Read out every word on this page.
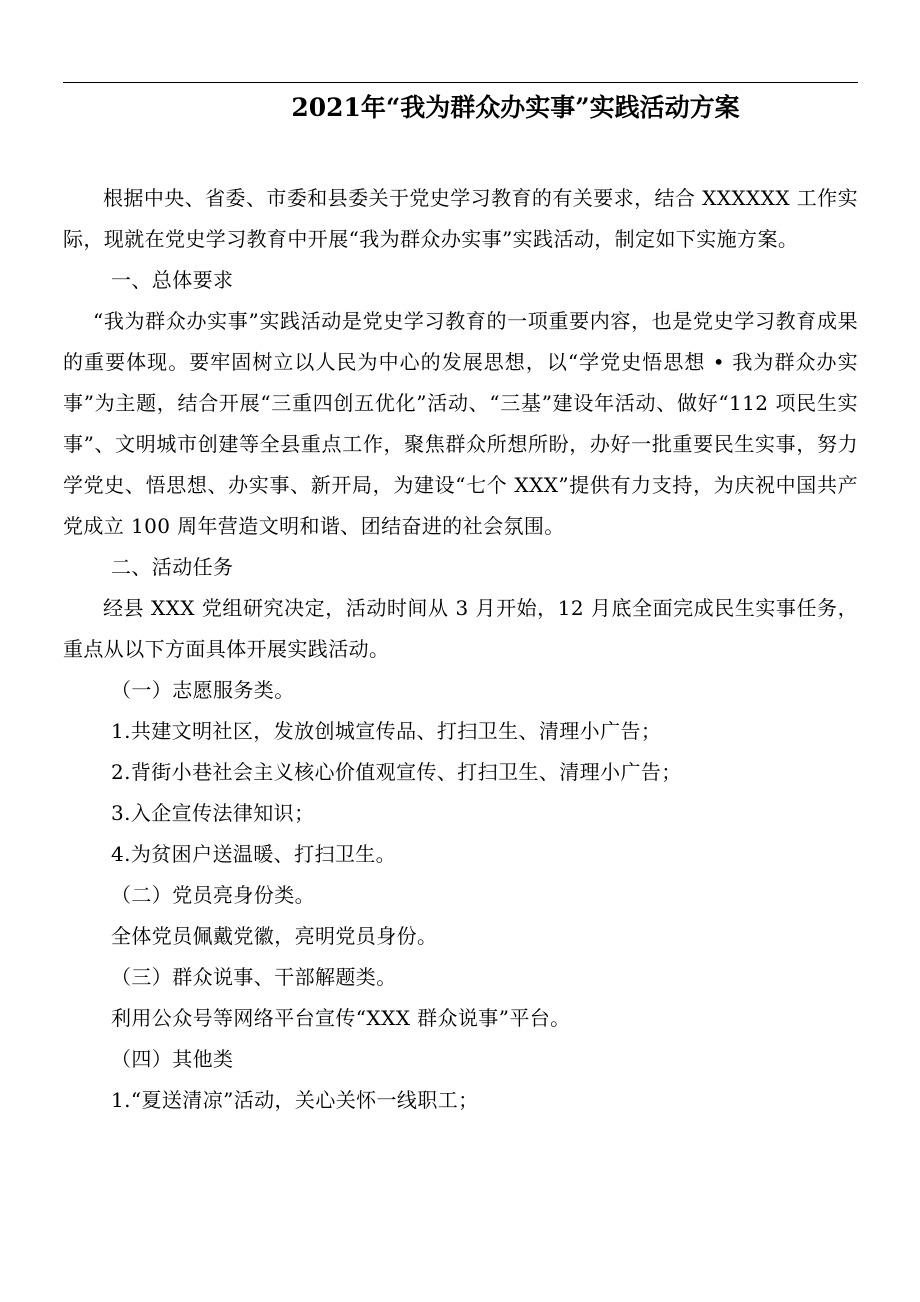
2021年“我为群众办实事”实践活动方案

根据中央、省委、市委和县委关于党史学习教育的有关要求，结合 XXXXXX 工作实际，现就在党史学习教育中开展“我为群众办实事”实践活动，制定如下实施方案。

一、总体要求

“我为群众办实事”实践活动是党史学习教育的一项重要内容，也是党史学习教育成果的重要体现。要牢固树立以人民为中心的发展思想，以“学党史悟思想 • 我为群众办实事”为主题，结合开展“三重四创五优化”活动、“三基”建设年活动、做好“112 项民生实事”、文明城市创建等全县重点工作，聚焦群众所想所盼，办好一批重要民生实事，努力学党史、悟思想、办实事、新开局，为建设“七个 XXX”提供有力支持，为庆祝中国共产党成立 100 周年营造文明和谐、团结奋进的社会氛围。

二、活动任务

经县 XXX 党组研究决定，活动时间从 3 月开始，12 月底全面完成民生实事任务，重点从以下方面具体开展实践活动。

（一）志愿服务类。

1.共建文明社区，发放创城宣传品、打扫卫生、清理小广告；

2.背街小巷社会主义核心价值观宣传、打扫卫生、清理小广告；

3.入企宣传法律知识；

4.为贫困户送温暖、打扫卫生。

（二）党员亮身份类。

全体党员佩戴党徽，亮明党员身份。

（三）群众说事、干部解题类。

利用公众号等网络平台宣传“XXX 群众说事”平台。

（四）其他类

1.“夏送清凉”活动，关心关怀一线职工；
